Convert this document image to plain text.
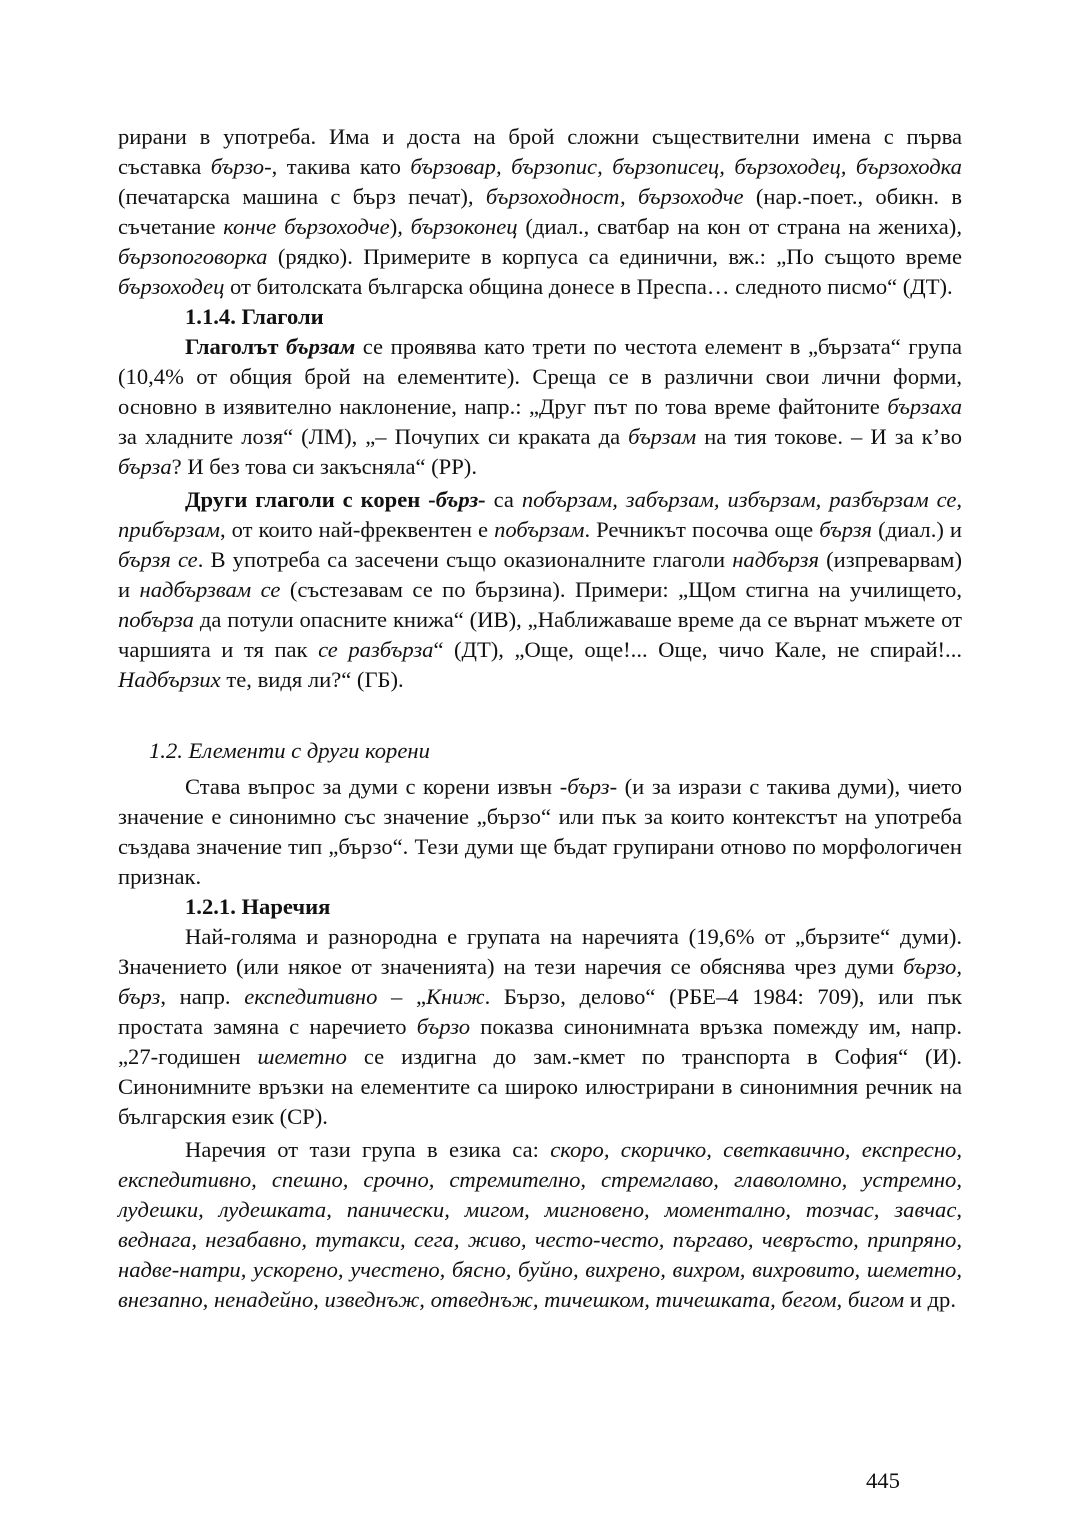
рирани в употреба. Има и доста на брой сложни съществителни имена с първа съставка бързо-, такива като бързовар, бързопис, бързописец, бързоходец, бързоходка (печатарска машина с бърз печат), бързоходност, бързоходче (нар.-поет., обикн. в съчетание конче бързоходче), бързоконец (диал., сватбар на кон от страна на жениха), бързопоговорка (рядко). Примерите в корпуса са единични, вж.: „По същото време бързоходец от битолската българска община донесе в Преспа… следното писмо“ (ДТ).

1.1.4. Глаголи

Глаголът бързам се проявява като трети по честота елемент в „бързата“ група (10,4% от общия брой на елементите). Среща се в различни свои лични форми, основно в изявително наклонение, напр.: „Друг път по това време файтоните бързаха за хладните лозя“ (ЛМ), „– Почупих си краката да бързам на тия токове. – И за к’во бърза? И без това си закъсняла“ (РР).

Други глаголи с корен -бърз- са побързам, забързам, избързам, разбързам се, прибързам, от които най-фреквентен е побързам. Речникът посочва още бързя (диал.) и бързя се. В употреба са засечени също оказионалните глаголи надбързя (изпреварвам) и надбързвам се (състезавам се по бързина). Примери: „Щом стигна на училището, побърза да потули опасните книжа“ (ИВ), „Наближаваше време да се върнат мъжете от чаршията и тя пак се разбърза“ (ДТ), „Още, още!... Още, чичо Кале, не спирай!... Надбързих те, видя ли?“ (ГБ).

1.2. Елементи с други корени

Става въпрос за думи с корени извън -бърз- (и за изрази с такива думи), чието значение е синонимно със значение „бързо“ или пък за които контекстът на употреба създава значение тип „бързо“. Тези думи ще бъдат групирани отново по морфологичен признак.

1.2.1. Наречия

Най-голяма и разнородна е групата на наречията (19,6% от „бързите“ думи). Значението (или някое от значенията) на тези наречия се обяснява чрез думи бързо, бърз, напр. експедитивно – „Книж. Бързо, делово“ (РБЕ–4 1984: 709), или пък простата замяна с наречието бързо показва синонимната връзка помежду им, напр. „27-годишен шеметно се издигна до зам.-кмет по транспорта в София“ (И). Синонимните връзки на елементите са широко илюстрирани в синонимния речник на българския език (СР).

Наречия от тази група в езика са: скоро, скоричко, светкавично, експресно, експедитивно, спешно, срочно, стремително, стремглаво, главоломно, устремно, лудешки, лудешката, панически, мигом, мигновено, моментално, тозчас, завчас, веднага, незабавно, тутакси, сега, живо, често-често, пъргаво, чевръсто, припряно, надве-натри, ускорено, учестено, бясно, буйно, вихрено, вихром, вихровито, шеметно, внезапно, ненадейно, изведнъж, отведнъж, тичешком, тичешката, бегом, бигом и др.

445
